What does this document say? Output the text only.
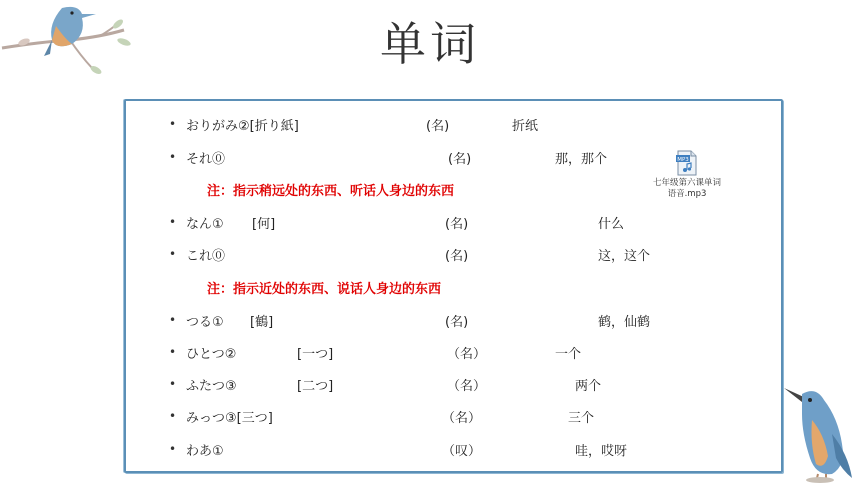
单词
• おりがみ②[折り紙]	(名)	折纸
• それ⓪	(名)	那，那个
注：指示稍远处的东西、听话人身边的东西
• なん① [何]	(名)	什么
• これ⓪	(名)	这，这个
注：指示近处的东西、说话人身边的东西
• つる① [鶴]	(名)	鹤，仙鹤
• ひとつ②	[一つ]	（名）	一个
• ふたつ③	[二つ]	（名）	两个
• みっつ③[三つ]	（名）	三个
• わあ①	（叹）	哇，哎呀
MP3
七年级第六课单词
语音.mp3
